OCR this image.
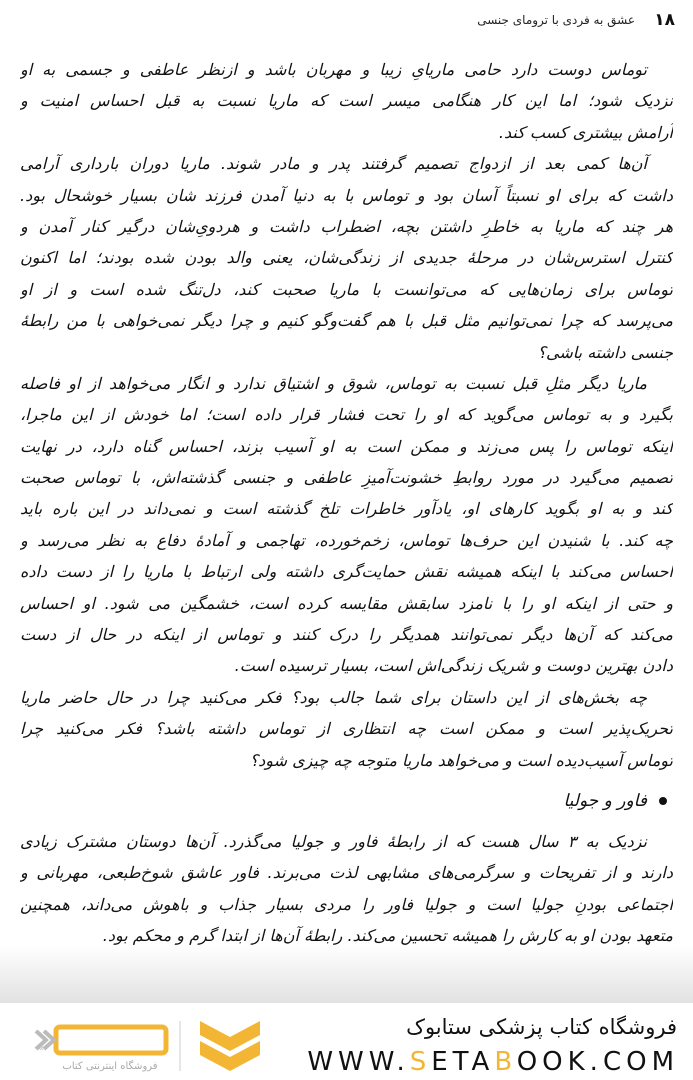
۱۸
عشق به فردی با ترومای جنسی
توماس دوست دارد حامی ماریایِ زیبا و مهربان باشد و ازنظر عاطفی و جسمی به او
نزدیک شود؛ اما این کار هنگامی میسر است که ماریا نسبت به قبل احساس امنیت و
آرامش بیشتری کسب کند.
آن‌ها کمی بعد از ازدواج تصمیم گرفتند پدر و مادر شوند. ماریا دوران بارداری آرامی
داشت که برای او نسبتاً آسان بود و توماس با به دنیا آمدن فرزند شان بسیار خوشحال بود.
هر چند که ماریا به خاطرِ داشتن بچه، اضطراب داشت و هردویِ‌شان درگیر کنار آمدن و
کنترل استرس‌شان در مرحلهٔ جدیدی از زندگی‌شان، یعنی والد بودن شده بودند؛ اما اکنون
توماس برای زمان‌هایی که می‌توانست با ماریا صحبت کند، دل‌تنگ شده است و از او
می‌پرسد که چرا نمی‌توانیم مثل قبل با هم گفت‌وگو کنیم و چرا دیگر نمی‌خواهی با من رابطهٔ
جنسی داشته باشی؟
ماریا دیگر مثلِ قبل نسبت به توماس، شوق و اشتیاق ندارد و انگار می‌خواهد از او فاصله
بگیرد و به توماس می‌گوید که او را تحت فشار قرار داده است؛ اما خودش از این ماجرا،
اینکه توماس را پس می‌زند و ممکن است به او آسیب بزند، احساس گناه دارد، در نهایت
تصمیم می‌گیرد در مورد روابطِ خشونت‌آمیزِ عاطفی و جنسی گذشته‌اش، با توماس صحبت
کند و به او بگوید کارهای او، یادآور خاطرات تلخ گذشته است و نمی‌داند در این باره باید
چه کند. با شنیدن این حرف‌ها توماس، زخم‌خورده، تهاجمی و آمادهٔ دفاع به نظر می‌رسد و
احساس می‌کند با اینکه همیشه نقش حمایت‌گری داشته ولی ارتباط با ماریا را از دست داده
و حتی از اینکه او را با نامزد سابقش مقایسه کرده است، خشمگین می شود. او احساس
می‌کند که آن‌ها دیگر نمی‌توانند همدیگر را درک کنند و توماس از اینکه در حال از دست
دادن بهترین دوست و شریک زندگی‌اش است، بسیار ترسیده است.
چه بخش‌های از این داستان برای شما جالب بود؟ فکر می‌کنید چرا در حال حاضر ماریا
تحریک‌پذیر است و ممکن است چه انتظاری از توماس داشته باشد؟ فکر می‌کنید چرا
توماس آسیب‌دیده است و می‌خواهد ماریا متوجه چه چیزی شود؟
فاور و جولیا
نزدیک به ۳ سال هست که از رابطهٔ فاور و جولیا می‌گذرد. آن‌ها دوستان مشترک زیادی
دارند و از تفریحات و سرگرمی‌های مشابهی لذت می‌برند. فاور عاشق شوخ‌طبعی، مهربانی و
اجتماعی بودنِ جولیا است و جولیا فاور را مردی بسیار جذاب و باهوش می‌داند، همچنین
متعهد بودن او به کارش را همیشه تحسین می‌کند. رابطهٔ آن‌ها از ابتدا گرم و محکم بود.
«
فروشگاه اینترنتی کتاب
فروشگاه کتاب پزشکی ستابوک
WWW.SETABOOK.COM
